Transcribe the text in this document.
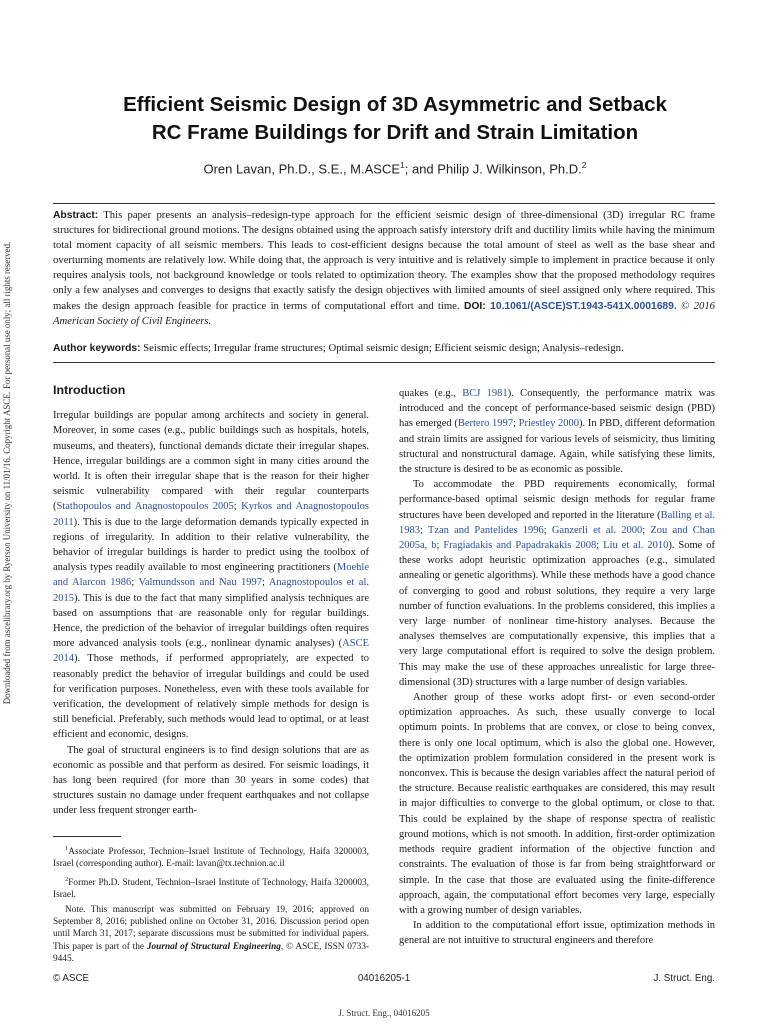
Downloaded from ascelibrary.org by Ryerson University on 11/01/16. Copyright ASCE. For personal use only; all rights reserved.
Efficient Seismic Design of 3D Asymmetric and Setback
RC Frame Buildings for Drift and Strain Limitation
Oren Lavan, Ph.D., S.E., M.ASCE$^1$; and Philip J. Wilkinson, Ph.D.$^2$
Abstract: This paper presents an analysis–redesign-type approach for the efficient seismic design of three-dimensional (3D) irregular RC frame structures for bidirectional ground motions. The designs obtained using the approach satisfy interstory drift and ductility limits while having the minimum total moment capacity of all seismic members. This leads to cost-efficient designs because the total amount of steel as well as the base shear and overturning moments are relatively low. While doing that, the approach is very intuitive and is relatively simple to implement in practice because it only requires analysis tools, not background knowledge or tools related to optimization theory. The examples show that the proposed methodology requires only a few analyses and converges to designs that exactly satisfy the design objectives with limited amounts of steel assigned only where required. This makes the design approach feasible for practice in terms of computational effort and time. DOI: 10.1061/(ASCE)ST.1943-541X.0001689. © 2016 American Society of Civil Engineers.
Author keywords: Seismic effects; Irregular frame structures; Optimal seismic design; Efficient seismic design; Analysis–redesign.
Introduction

Irregular buildings are popular among architects and society in general. Moreover, in some cases (e.g., public buildings such as hospitals, hotels, museums, and theaters), functional demands dictate their irregular shapes. Hence, irregular buildings are a common sight in many cities around the world. It is often their irregular shape that is the reason for their higher seismic vulnerability compared with their regular counterparts (Stathopoulos and Anagnostopoulos 2005; Kyrkos and Anagnostopoulos 2011). This is due to the large deformation demands typically expected in regions of irregularity. In addition to their relative vulnerability, the behavior of irregular buildings is harder to predict using the toolbox of analysis types readily available to most engineering practitioners (Moehle and Alarcon 1986; Valmundsson and Nau 1997; Anagnostopoulos et al. 2015). This is due to the fact that many simplified analysis techniques are based on assumptions that are reasonable only for regular buildings. Hence, the prediction of the behavior of irregular buildings often requires more advanced analysis tools (e.g., nonlinear dynamic analyses) (ASCE 2014). Those methods, if performed appropriately, are expected to reasonably predict the behavior of irregular buildings and could be used for verification purposes. Nonetheless, even with these tools available for verification, the development of relatively simple methods for design is still beneficial. Preferably, such methods would lead to optimal, or at least efficient and economic, designs.

The goal of structural engineers is to find design solutions that are as economic as possible and that perform as desired. For seismic loadings, it has long been required (for more than 30 years in some codes) that structures sustain no damage under frequent earthquakes and not collapse under less frequent stronger earth-

quakes (e.g., BCJ 1981). Consequently, the performance matrix was introduced and the concept of performance-based seismic design (PBD) has emerged (Bertero 1997; Priestley 2000). In PBD, different deformation and strain limits are assigned for various levels of seismicity, thus limiting structural and nonstructural damage. Again, while satisfying these limits, the structure is desired to be as economic as possible.

To accommodate the PBD requirements economically, formal performance-based optimal seismic design methods for regular frame structures have been developed and reported in the literature (Balling et al. 1983; Tzan and Pantelides 1996; Ganzerli et al. 2000; Zou and Chan 2005a, b; Fragiadakis and Papadrakakis 2008; Liu et al. 2010). Some of these works adopt heuristic optimization approaches (e.g., simulated annealing or genetic algorithms). While these methods have a good chance of converging to good and robust solutions, they require a very large number of function evaluations. In the problems considered, this implies a very large number of nonlinear time-history analyses. Because the analyses themselves are computationally expensive, this implies that a very large computational effort is required to solve the design problem. This may make the use of these approaches unrealistic for large three-dimensional (3D) structures with a large number of design variables.

Another group of these works adopt first- or even second-order optimization approaches. As such, these usually converge to local optimum points. In problems that are convex, or close to being convex, there is only one local optimum, which is also the global one. However, the optimization problem formulation considered in the present work is nonconvex. This is because the design variables affect the natural period of the structure. Because realistic earthquakes are considered, this may result in major difficulties to converge to the global optimum, or close to that. This could be explained by the shape of response spectra of realistic ground motions, which is not smooth. In addition, first-order optimization methods require gradient information of the objective function and constraints. The evaluation of those is far from being straightforward or simple. In the case that those are evaluated using the finite-difference approach, again, the computational effort becomes very large, especially with a growing number of design variables.

In addition to the computational effort issue, optimization methods in general are not intuitive to structural engineers and therefore

$^1$Associate Professor, Technion–Israel Institute of Technology, Haifa 3200003, Israel (corresponding author). E-mail: lavan@tx.technion.ac.il

$^2$Former Ph.D. Student, Technion–Israel Institute of Technology, Haifa 3200003, Israel.

Note. This manuscript was submitted on February 19, 2016; approved on September 8, 2016; published online on October 31, 2016. Discussion period open until March 31, 2017; separate discussions must be submitted for individual papers. This paper is part of the Journal of Structural Engineering, © ASCE, ISSN 0733-9445.

04016205-1
© ASCE	J. Struct. Eng.
J. Struct. Eng., 04016205
